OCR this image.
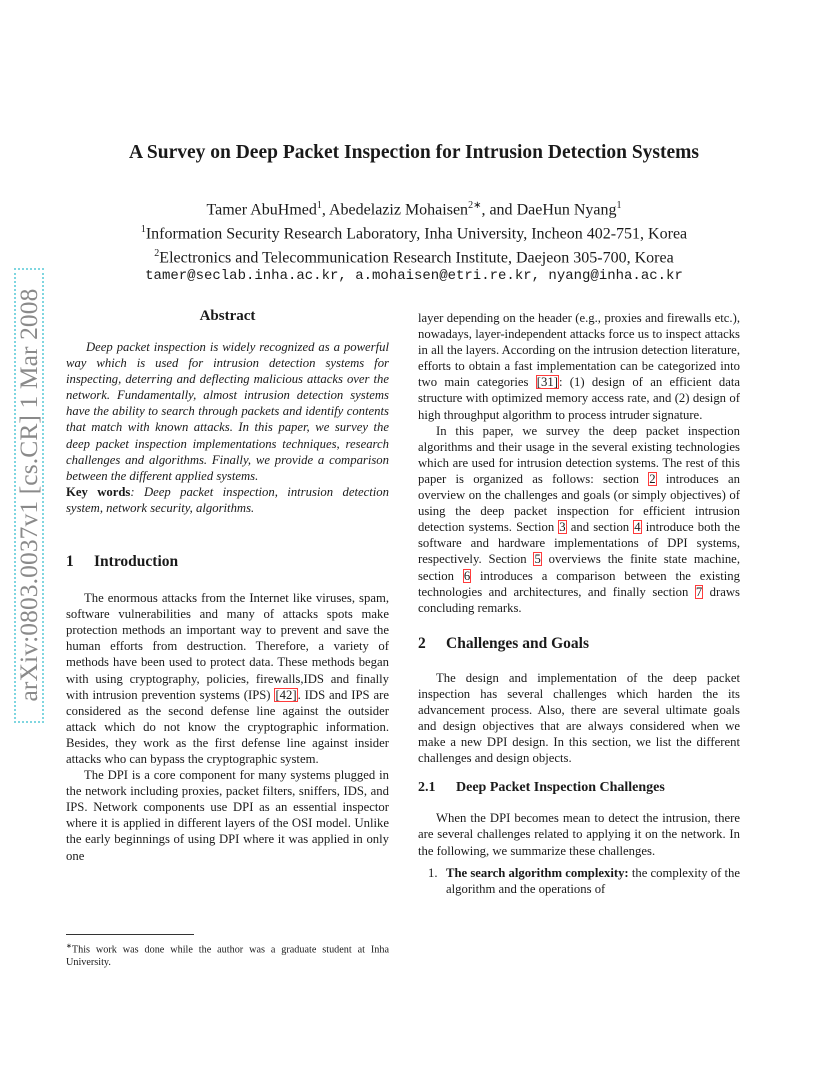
arXiv:0803.0037v1 [cs.CR] 1 Mar 2008
A Survey on Deep Packet Inspection for Intrusion Detection Systems
Tamer AbuHmed$^1$, Abedelaziz Mohaisen$^{2∗}$, and DaeHun Nyang$^1$
$^1$Information Security Research Laboratory, Inha University, Incheon 402-751, Korea
$^2$Electronics and Telecommunication Research Institute, Daejeon 305-700, Korea
tamer@seclab.inha.ac.kr, a.mohaisen@etri.re.kr, nyang@inha.ac.kr
Abstract

Deep packet inspection is widely recognized as a powerful way which is used for intrusion detection systems for inspecting, deterring and deflecting malicious attacks over the network. Fundamentally, almost intrusion detection systems have the ability to search through packets and identify contents that match with known attacks. In this paper, we survey the deep packet inspection implementations techniques, research challenges and algorithms. Finally, we provide a comparison between the different applied systems.

Key words: Deep packet inspection, intrusion detection system, network security, algorithms.

1 Introduction

The enormous attacks from the Internet like viruses, spam, software vulnerabilities and many of attacks spots make protection methods an important way to prevent and save the human efforts from destruction. Therefore, a variety of methods have been used to protect data. These methods began with using cryptography, policies, firewalls,IDS and finally with intrusion prevention systems (IPS) [42]. IDS and IPS are considered as the second defense line against the outsider attack which do not know the cryptographic information. Besides, they work as the first defense line against insider attacks who can bypass the cryptographic system.

The DPI is a core component for many systems plugged in the network including proxies, packet filters, sniffers, IDS, and IPS. Network components use DPI as an essential inspector where it is applied in different layers of the OSI model. Unlike the early beginnings of using DPI where it was applied in only one

∗This work was done while the author was a graduate student at Inha University.

layer depending on the header (e.g., proxies and firewalls etc.), nowadays, layer-independent attacks force us to inspect attacks in all the layers. According on the intrusion detection literature, efforts to obtain a fast implementation can be categorized into two main categories [31]: (1) design of an efficient data structure with optimized memory access rate, and (2) design of high throughput algorithm to process intruder signature.

In this paper, we survey the deep packet inspection algorithms and their usage in the several existing technologies which are used for intrusion detection systems. The rest of this paper is organized as follows: section 2 introduces an overview on the challenges and goals (or simply objectives) of using the deep packet inspection for efficient intrusion detection systems. Section 3 and section 4 introduce both the software and hardware implementations of DPI systems, respectively. Section 5 overviews the finite state machine, section 6 introduces a comparison between the existing technologies and architectures, and finally section 7 draws concluding remarks.

2 Challenges and Goals

The design and implementation of the deep packet inspection has several challenges which harden the its advancement process. Also, there are several ultimate goals and design objectives that are always considered when we make a new DPI design. In this section, we list the different challenges and design objects.

2.1 Deep Packet Inspection Challenges

When the DPI becomes mean to detect the intrusion, there are several challenges related to applying it on the network. In the following, we summarize these challenges.

1. The search algorithm complexity: the complexity of the algorithm and the operations of
